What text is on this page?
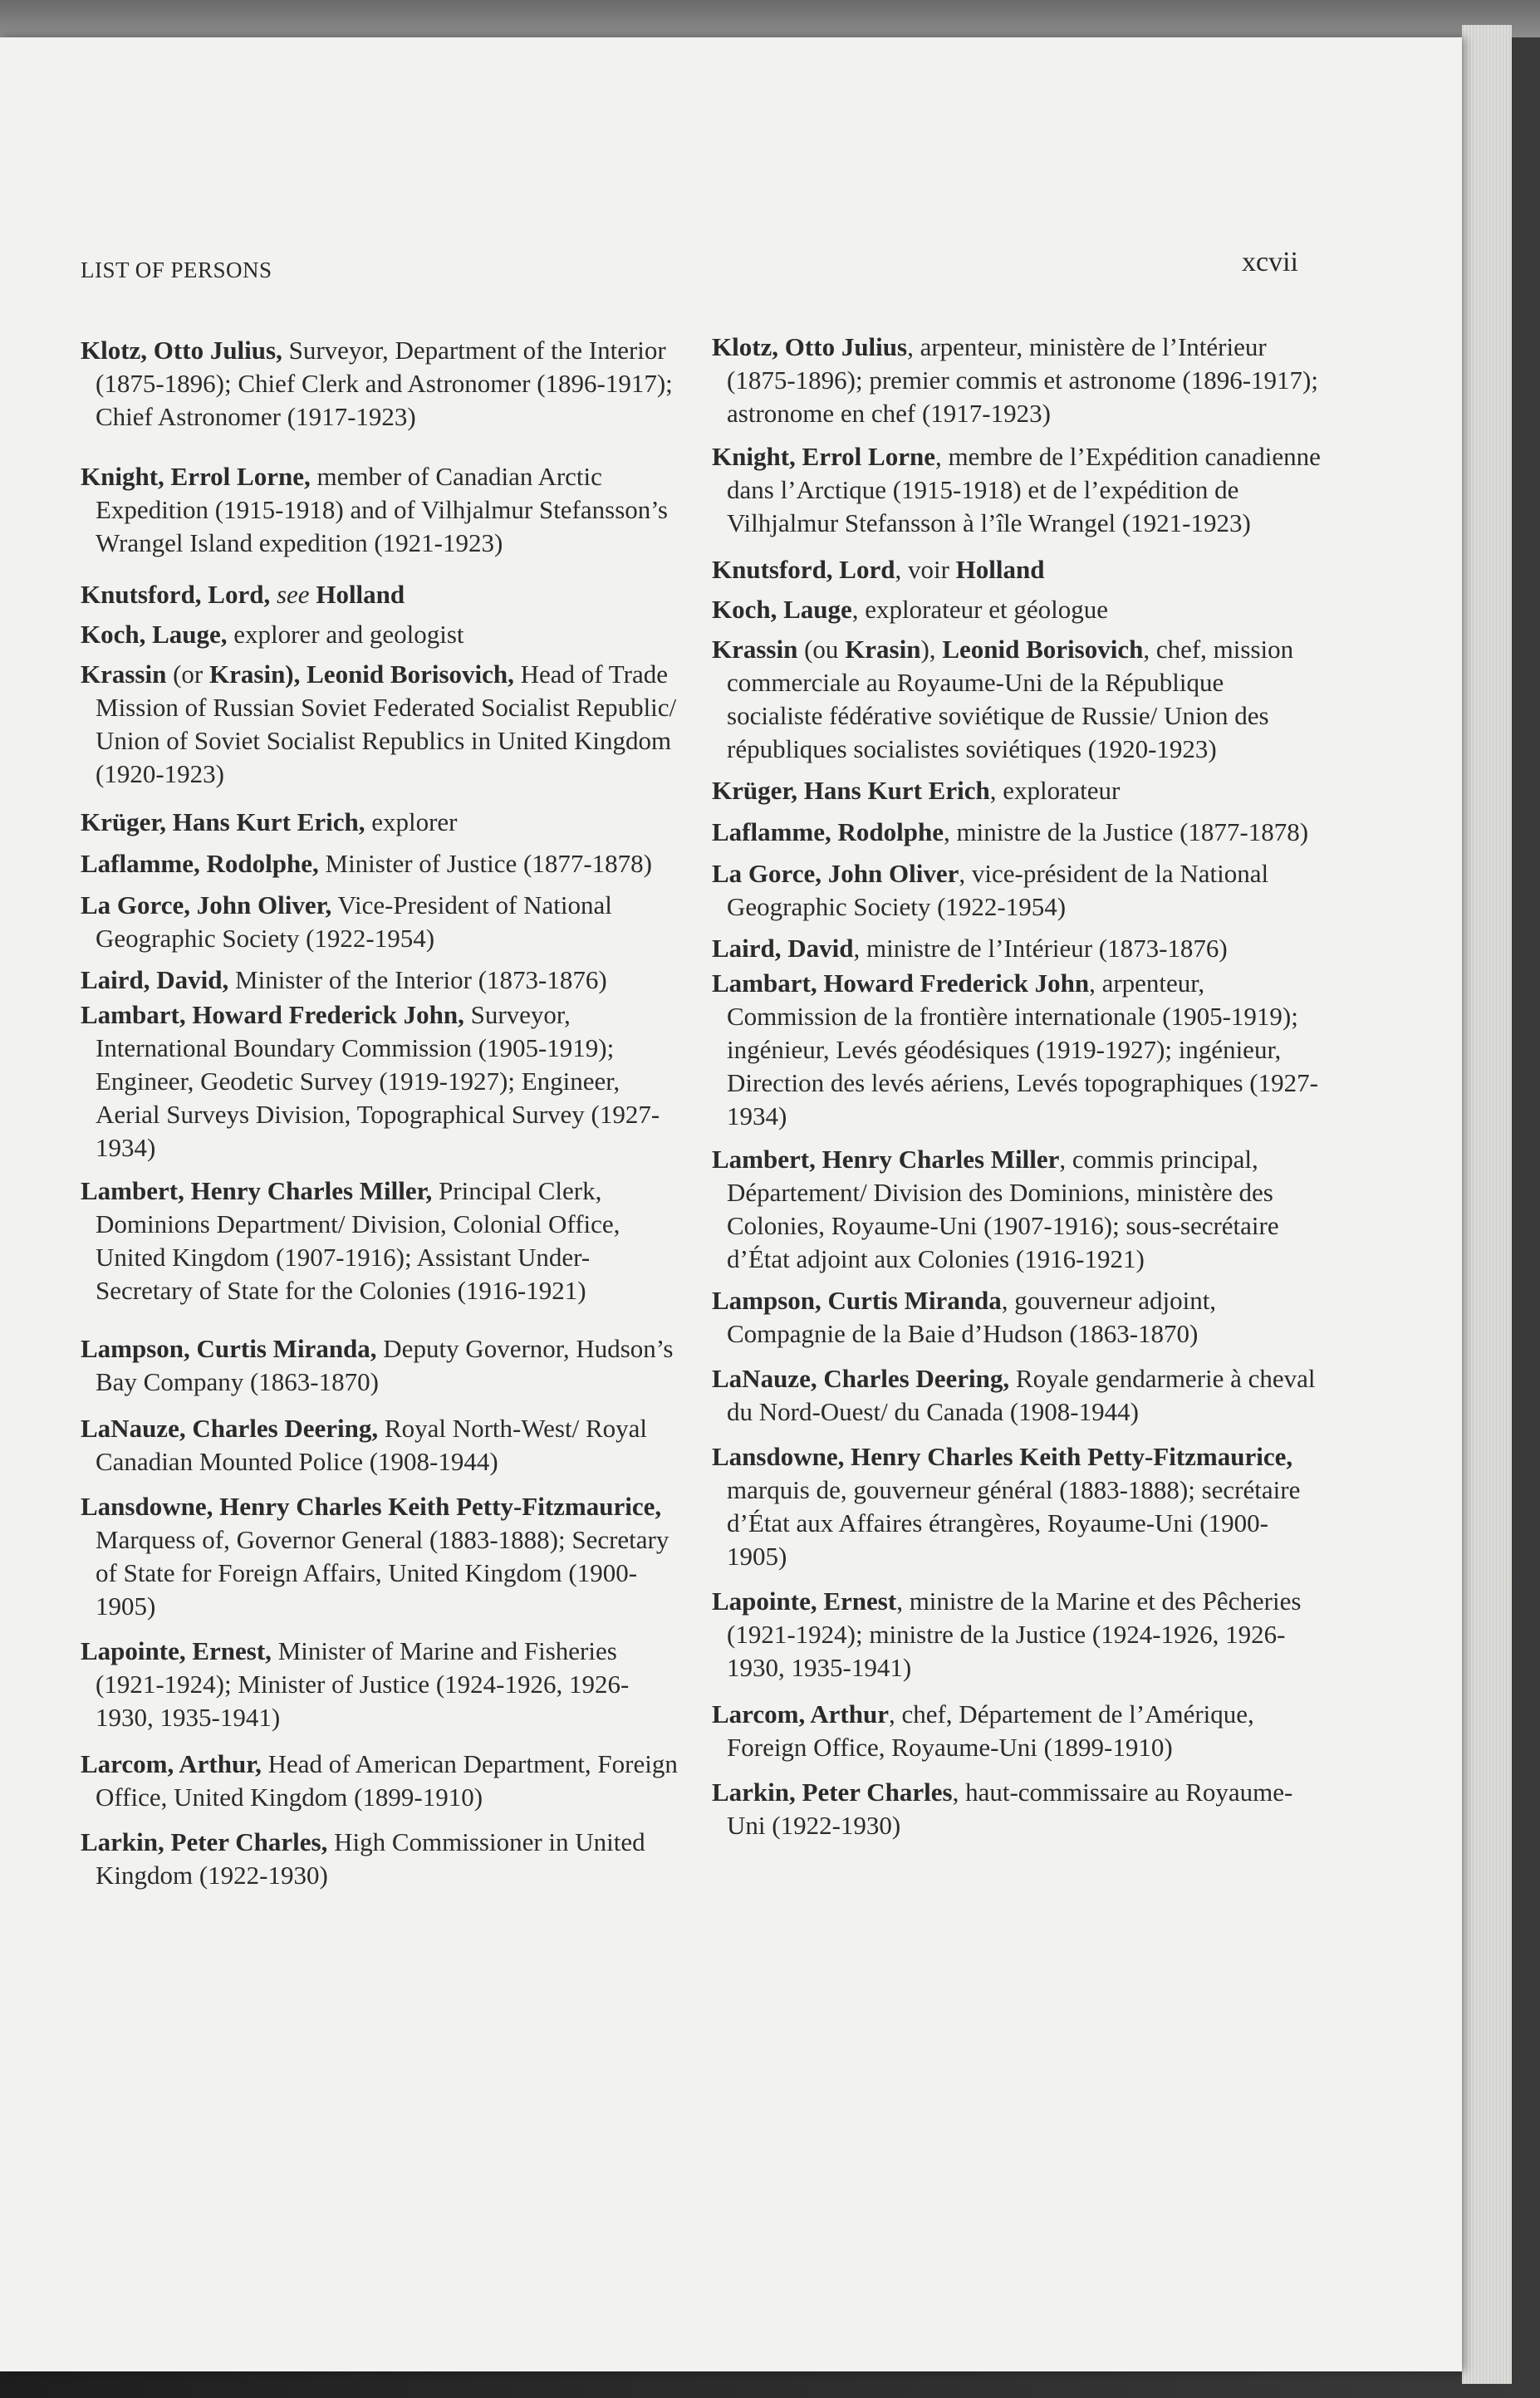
LIST OF PERSONS	xcvii
Klotz, Otto Julius, Surveyor, Department of the Interior (1875-1896); Chief Clerk and Astronomer (1896-1917); Chief Astronomer (1917-1923)
Knight, Errol Lorne, member of Canadian Arctic Expedition (1915-1918) and of Vilhjalmur Stefansson’s Wrangel Island expedition (1921-1923)
Knutsford, Lord, see Holland
Koch, Lauge, explorer and geologist
Krassin (or Krasin), Leonid Borisovich, Head of Trade Mission of Russian Soviet Federated Socialist Republic/ Union of Soviet Socialist Republics in United Kingdom (1920-1923)
Krüger, Hans Kurt Erich, explorer
Laflamme, Rodolphe, Minister of Justice (1877-1878)
La Gorce, John Oliver, Vice-President of National Geographic Society (1922-1954)
Laird, David, Minister of the Interior (1873-1876)
Lambart, Howard Frederick John, Surveyor, International Boundary Commission (1905-1919); Engineer, Geodetic Survey (1919-1927); Engineer, Aerial Surveys Division, Topographical Survey (1927-1934)
Lambert, Henry Charles Miller, Principal Clerk, Dominions Department/ Division, Colonial Office, United Kingdom (1907-1916); Assistant Under-Secretary of State for the Colonies (1916-1921)
Lampson, Curtis Miranda, Deputy Governor, Hudson’s Bay Company (1863-1870)
LaNauze, Charles Deering, Royal North-West/ Royal Canadian Mounted Police (1908-1944)
Lansdowne, Henry Charles Keith Petty-Fitzmaurice, Marquess of, Governor General (1883-1888); Secretary of State for Foreign Affairs, United Kingdom (1900-1905)
Lapointe, Ernest, Minister of Marine and Fisheries (1921-1924); Minister of Justice (1924-1926, 1926-1930, 1935-1941)
Larcom, Arthur, Head of American Department, Foreign Office, United Kingdom (1899-1910)
Larkin, Peter Charles, High Commissioner in United Kingdom (1922-1930)
Klotz, Otto Julius, arpenteur, ministère de l’Intérieur (1875-1896); premier commis et astronome (1896-1917); astronome en chef (1917-1923)
Knight, Errol Lorne, membre de l’Expédition canadienne dans l’Arctique (1915-1918) et de l’expédition de Vilhjalmur Stefansson à l’île Wrangel (1921-1923)
Knutsford, Lord, voir Holland
Koch, Lauge, explorateur et géologue
Krassin (ou Krasin), Leonid Borisovich, chef, mission commerciale au Royaume-Uni de la République socialiste fédérative soviétique de Russie/ Union des républiques socialistes soviétiques (1920-1923)
Krüger, Hans Kurt Erich, explorateur
Laflamme, Rodolphe, ministre de la Justice (1877-1878)
La Gorce, John Oliver, vice-président de la National Geographic Society (1922-1954)
Laird, David, ministre de l’Intérieur (1873-1876)
Lambart, Howard Frederick John, arpenteur, Commission de la frontière internationale (1905-1919); ingénieur, Levés géodésiques (1919-1927); ingénieur, Direction des levés aériens, Levés topographiques (1927-1934)
Lambert, Henry Charles Miller, commis principal, Département/ Division des Dominions, ministère des Colonies, Royaume-Uni (1907-1916); sous-secrétaire d’État adjoint aux Colonies (1916-1921)
Lampson, Curtis Miranda, gouverneur adjoint, Compagnie de la Baie d’Hudson (1863-1870)
LaNauze, Charles Deering, Royale gendarmerie à cheval du Nord-Ouest/ du Canada (1908-1944)
Lansdowne, Henry Charles Keith Petty-Fitzmaurice, marquis de, gouverneur général (1883-1888); secrétaire d’État aux Affaires étrangères, Royaume-Uni (1900-1905)
Lapointe, Ernest, ministre de la Marine et des Pêcheries (1921-1924); ministre de la Justice (1924-1926, 1926-1930, 1935-1941)
Larcom, Arthur, chef, Département de l’Amérique, Foreign Office, Royaume-Uni (1899-1910)
Larkin, Peter Charles, haut-commissaire au Royaume-Uni (1922-1930)
